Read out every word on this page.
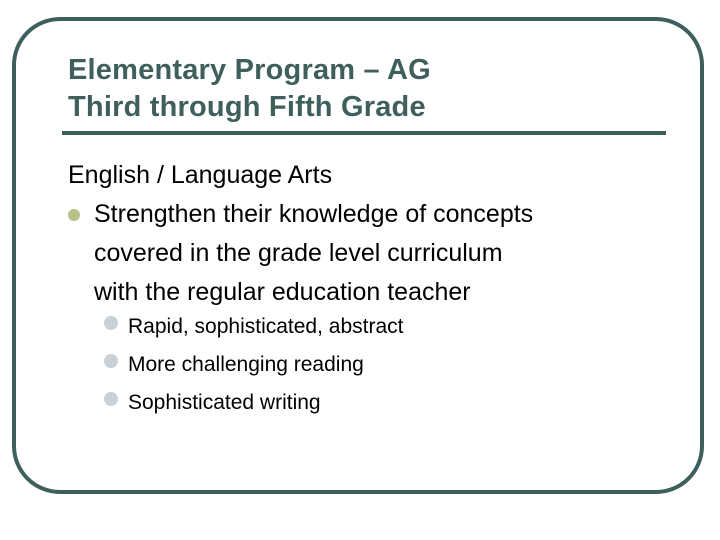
Elementary Program – AG
Third through Fifth Grade

English / Language Arts

Strengthen their knowledge of concepts
covered in the grade level curriculum
with the regular education teacher
Rapid, sophisticated, abstract
More challenging reading
Sophisticated writing
